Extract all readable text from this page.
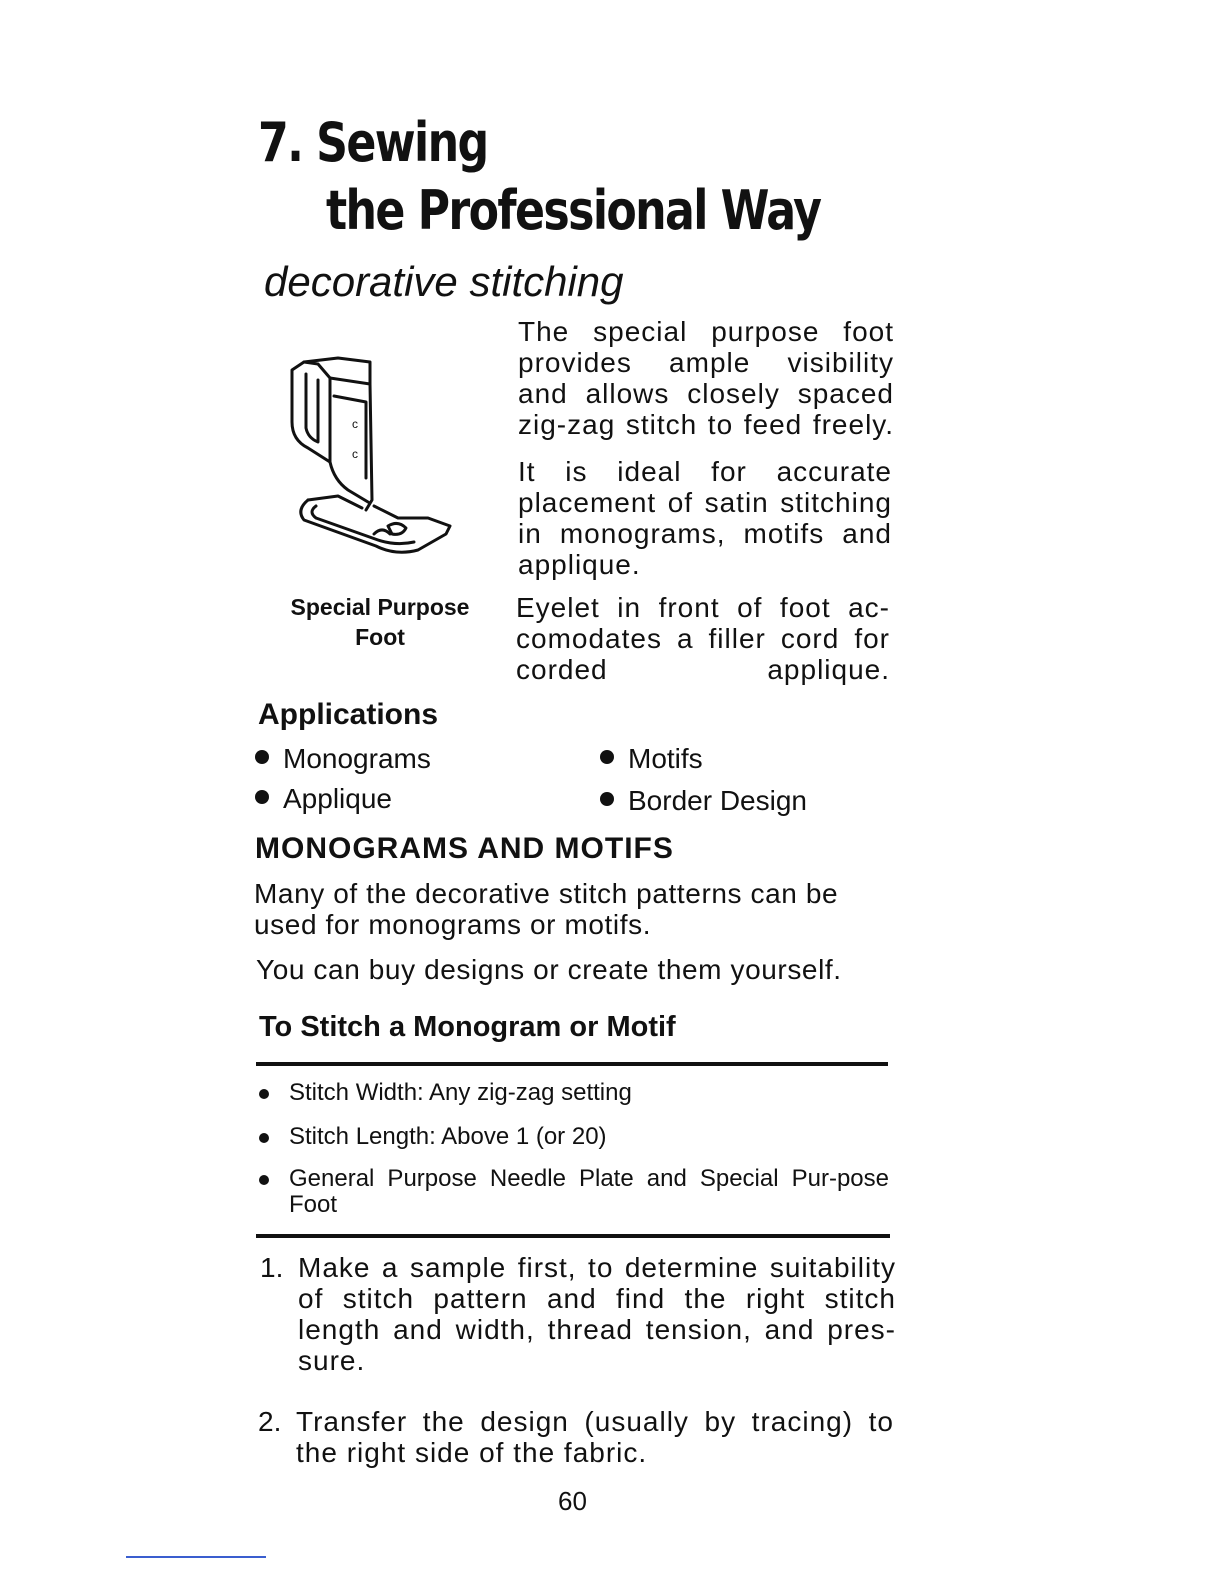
7. Sewing
the Professional Way
decorative stitching
c
c
Special Purpose
Foot
The special purpose foot provides ample visibility and allows closely spaced zig-zag stitch to feed freely.
It is ideal for accurate placement of satin stitching in monograms, motifs and applique.
Eyelet in front of foot ac-comodates a filler cord for corded applique.
Applications
Monograms	Motifs
Applique	Border Design
MONOGRAMS AND MOTIFS
Many of the decorative stitch patterns can be used for monograms or motifs.
You can buy designs or create them yourself.
To Stitch a Monogram or Motif
Stitch Width: Any zig-zag setting
Stitch Length: Above 1 (or 20)
General Purpose Needle Plate and Special Pur-pose Foot
1. Make a sample first, to determine suitability of stitch pattern and find the right stitch length and width, thread tension, and pres-sure.
2. Transfer the design (usually by tracing) to the right side of the fabric.
60
